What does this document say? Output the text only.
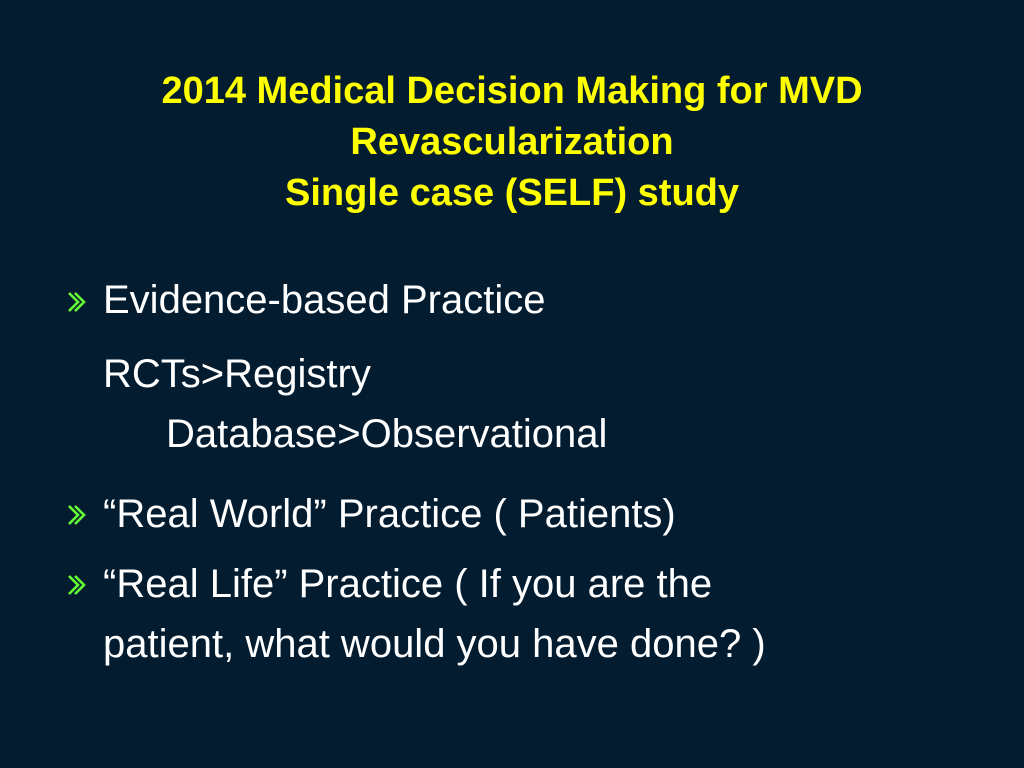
2014 Medical Decision Making for MVD
Revascularization
Single case (SELF) study
Evidence-based Practice
RCTs>Registry
Database>Observational
“Real World” Practice ( Patients)
“Real Life” Practice ( If you are the
patient, what would you have done? )
